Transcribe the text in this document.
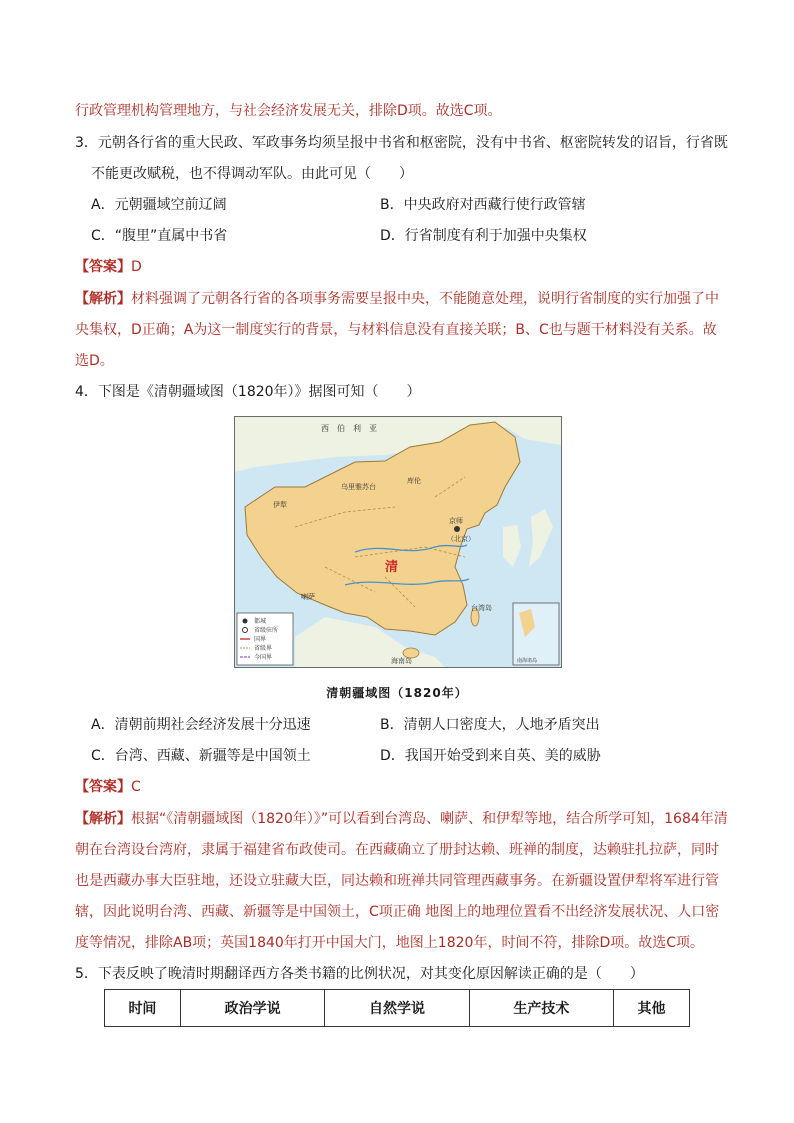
行政管理机构管理地方，与社会经济发展无关，排除D项。故选C项。
3．元朝各行省的重大民政、军政事务均须呈报中书省和枢密院，没有中书省、枢密院转发的诏旨，行省既
不能更改赋税，也不得调动军队。由此可见（　　）
A．元朝疆域空前辽阔	B．中央政府对西藏行使行政管辖
C．“腹里”直属中书省	D．行省制度有利于加强中央集权
【答案】D
【解析】材料强调了元朝各行省的各项事务需要呈报中央，不能随意处理，说明行省制度的实行加强了中
央集权，D正确；A为这一制度实行的背景，与材料信息没有直接关联；B、C也与题干材料没有关系。故
选D。
4．下图是《清朝疆域图（1820年）》据图可知（　　）
西　伯　利　亚
清
京师
（北京）
台湾岛
海南岛
喇萨
伊犁
乌里雅苏台
库伦
南海诸岛
都城
省级驻所
国界
省级界
今国界
清朝疆域图（1820年）
A．清朝前期社会经济发展十分迅速	B．清朝人口密度大，人地矛盾突出
C．台湾、西藏、新疆等是中国领土	D．我国开始受到来自英、美的威胁
【答案】C
【解析】根据“《清朝疆域图（1820年）》”可以看到台湾岛、喇萨、和伊犁等地，结合所学可知，1684年清
朝在台湾设台湾府，隶属于福建省布政使司。在西藏确立了册封达赖、班禅的制度，达赖驻扎拉萨，同时
也是西藏办事大臣驻地，还设立驻藏大臣，同达赖和班禅共同管理西藏事务。在新疆设置伊犁将军进行管
辖，因此说明台湾、西藏、新疆等是中国领土，C项正确 地图上的地理位置看不出经济发展状况、人口密
度等情况，排除AB项；英国1840年打开中国大门，地图上1820年，时间不符，排除D项。故选C项。
5．下表反映了晚清时期翻译西方各类书籍的比例状况，对其变化原因解读正确的是（　　）
时间	政治学说	自然学说	生产技术	其他
